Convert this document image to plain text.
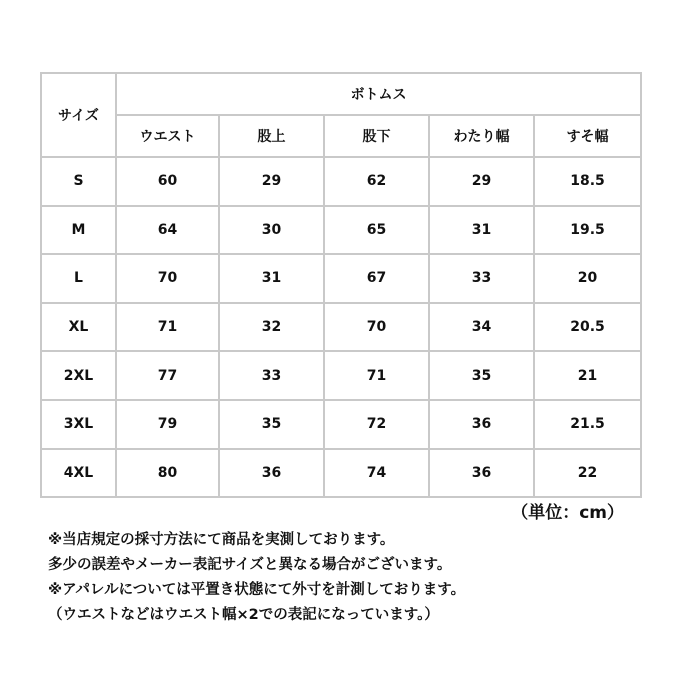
サイズ	ボトムス				
	ウエスト	股上	股下	わたり幅	すそ幅
S	60	29	62	29	18.5
M	64	30	65	31	19.5
L	70	31	67	33	20
XL	71	32	70	34	20.5
2XL	77	33	71	35	21
3XL	79	35	72	36	21.5
4XL	80	36	74	36	22
（単位：cm）
※当店規定の採寸方法にて商品を実測しております。
多少の誤差やメーカー表記サイズと異なる場合がございます。
※アパレルについては平置き状態にて外寸を計測しております。
（ウエストなどはウエスト幅×2での表記になっています。）
